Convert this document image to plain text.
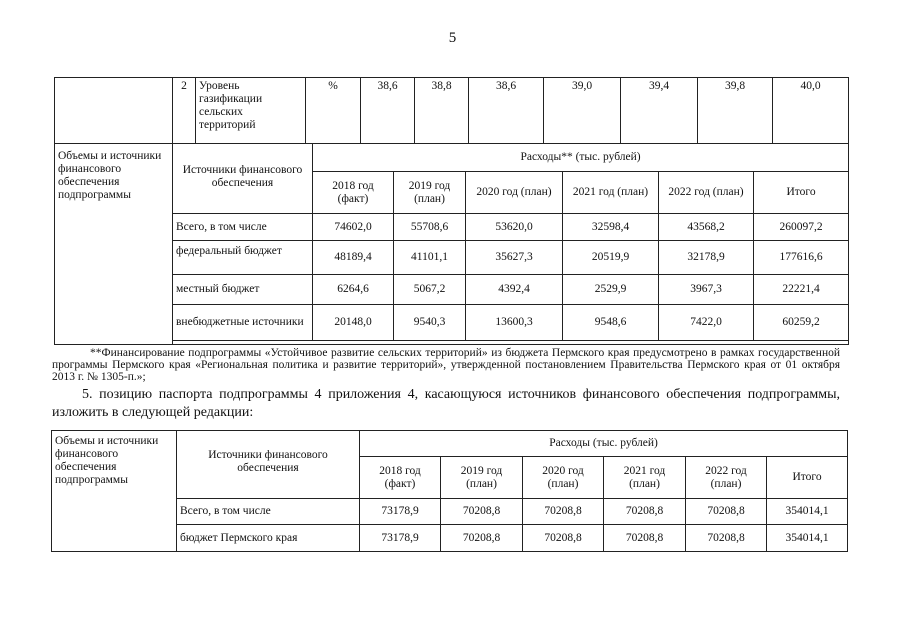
5
	2	Уровень газификации сельских территорий	%	38,6	38,8	38,6	39,0	39,4	39,8	40,0
Объемы и источники финансового обеспечения подпрограммы	Источники финансового обеспечения	Расходы** (тыс. рублей)					
		2018 год (факт)	2019 год (план)	2020 год (план)	2021 год (план)	2022 год (план)	Итого
	Всего, в том числе	74602,0	55708,6	53620,0	32598,4	43568,2	260097,2
	федеральный бюджет	48189,4	41101,1	35627,3	20519,9	32178,9	177616,6
	местный бюджет	6264,6	5067,2	4392,4	2529,9	3967,3	22221,4
	внебюджетные источники	20148,0	9540,3	13600,3	9548,6	7422,0	60259,2

**Финансирование подпрограммы «Устойчивое развитие сельских территорий» из бюджета Пермского края предусмотрено в рамках государственной программы Пермского края «Региональная политика и развитие территорий», утвержденной постановлением Правительства Пермского края от 01 октября 2013 г. № 1305-п.»;
5. позицию паспорта подпрограммы 4 приложения 4, касающуюся источников финансового обеспечения подпрограммы, изложить в следующей редакции:
Объемы и источники финансового обеспечения подпрограммы	Источники финансового обеспечения	Расходы (тыс. рублей)					
		2018 год (факт)	2019 год (план)	2020 год (план)	2021 год (план)	2022 год (план)	Итого
	Всего, в том числе	73178,9	70208,8	70208,8	70208,8	70208,8	354014,1
	бюджет Пермского края	73178,9	70208,8	70208,8	70208,8	70208,8	354014,1
